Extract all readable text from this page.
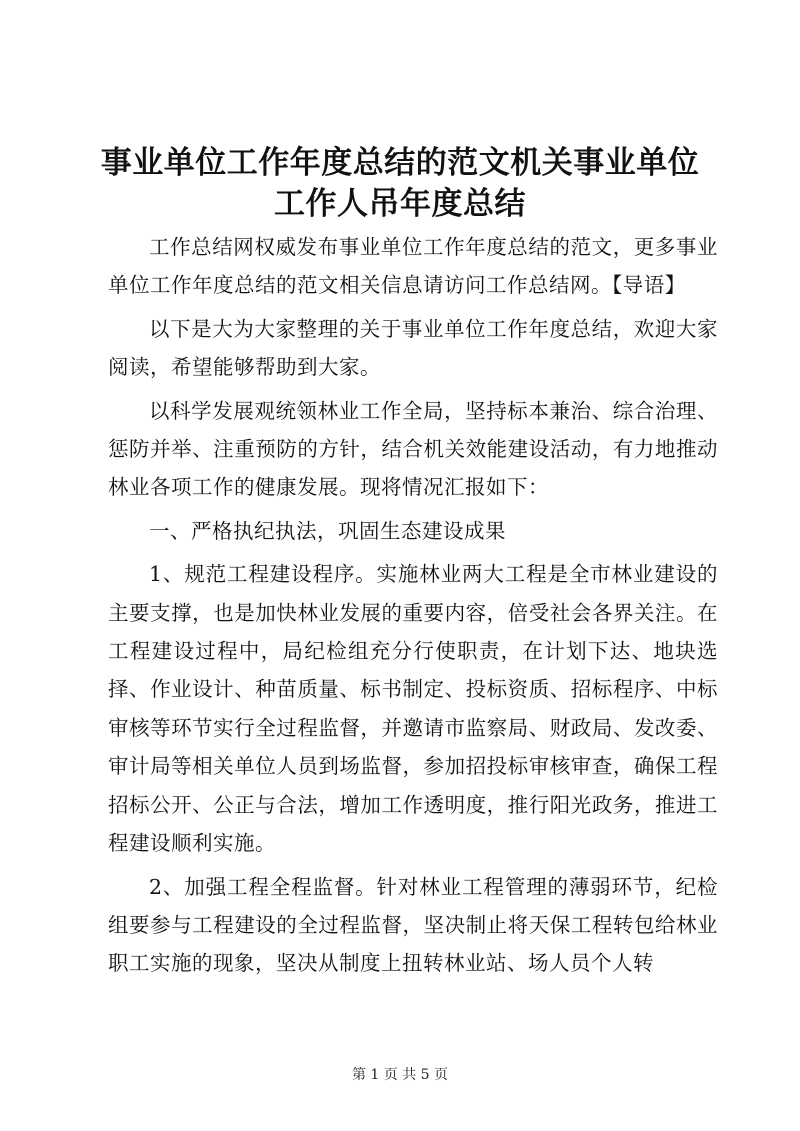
事业单位工作年度总结的范文机关事业单位工作人吊年度总结

工作总结网权威发布事业单位工作年度总结的范文，更多事业单位工作年度总结的范文相关信息请访问工作总结网。【导语】

以下是大为大家整理的关于事业单位工作年度总结，欢迎大家阅读，希望能够帮助到大家。

以科学发展观统领林业工作全局，坚持标本兼治、综合治理、惩防并举、注重预防的方针，结合机关效能建设活动，有力地推动林业各项工作的健康发展。现将情况汇报如下：

一、严格执纪执法，巩固生态建设成果

1、规范工程建设程序。实施林业两大工程是全市林业建设的主要支撑，也是加快林业发展的重要内容，倍受社会各界关注。在工程建设过程中，局纪检组充分行使职责，在计划下达、地块选择、作业设计、种苗质量、标书制定、投标资质、招标程序、中标审核等环节实行全过程监督，并邀请市监察局、财政局、发改委、审计局等相关单位人员到场监督，参加招投标审核审查，确保工程招标公开、公正与合法，增加工作透明度，推行阳光政务，推进工程建设顺利实施。

2、加强工程全程监督。针对林业工程管理的薄弱环节，纪检组要参与工程建设的全过程监督，坚决制止将天保工程转包给林业职工实施的现象，坚决从制度上扭转林业站、场人员个人转

第 1 页 共 5 页
